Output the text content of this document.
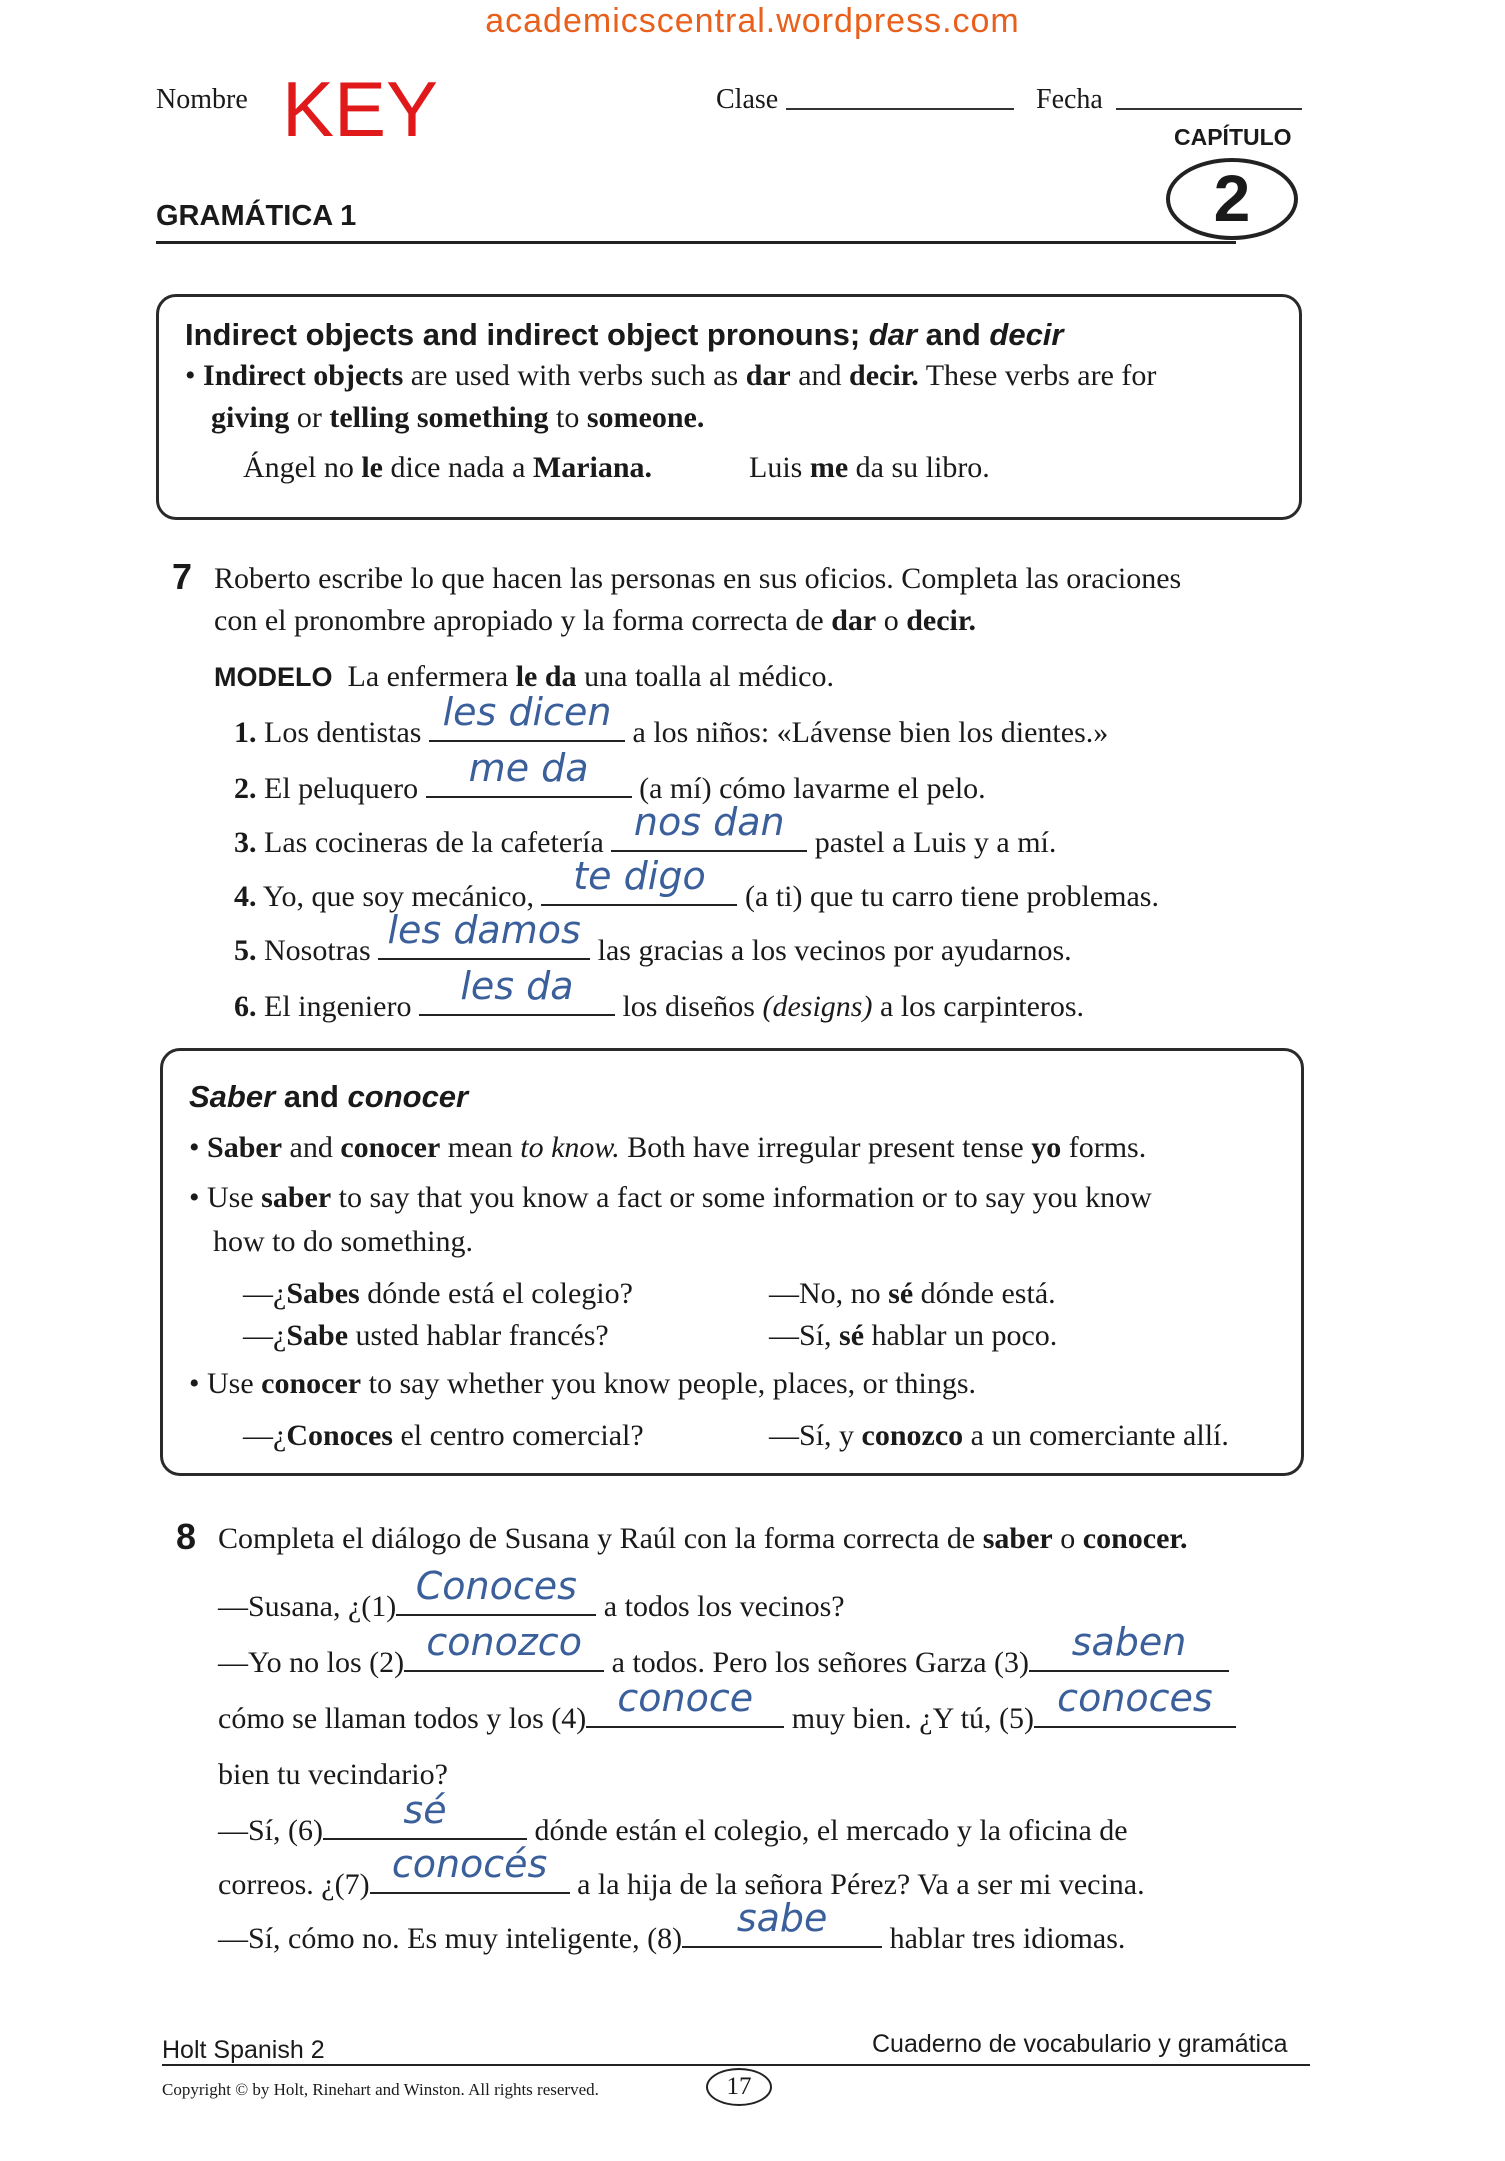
academicscentral.wordpress.com
Nombre KEY	Clase	Fecha
CAPÍTULO
2
GRAMÁTICA 1
Indirect objects and indirect object pronouns; dar and decir
• Indirect objects are used with verbs such as dar and decir. These verbs are for
giving or telling something to someone.
Ángel no le dice nada a Mariana.	Luis me da su libro.
7 Roberto escribe lo que hacen las personas en sus oficios. Completa las oraciones
con el pronombre apropiado y la forma correcta de dar o decir.
MODELO La enfermera le da una toalla al médico.
1. Los dentistas les dicen a los niños: «Lávense bien los dientes.»
2. El peluquero	me da	(a mí) cómo lavarme el pelo.
3. Las cocineras de la cafetería nos dan	pastel a Luis y a mí.
4. Yo, que soy mecánico,	te digo	(a ti) que tu carro tiene problemas.
5. Nosotras les damos las gracias a los vecinos por ayudarnos.
6. El ingeniero	les da	los diseños (designs) a los carpinteros.
Saber and conocer
• Saber and conocer mean to know. Both have irregular present tense yo forms.
• Use saber to say that you know a fact or some information or to say you know
how to do something.
—¿Sabes dónde está el colegio?	—No, no sé dónde está.
—¿Sabe usted hablar francés?	—Sí, sé hablar un poco.
• Use conocer to say whether you know people, places, or things.
—¿Conoces el centro comercial?	—Sí, y conozco a un comerciante allí.
8 Completa el diálogo de Susana y Raúl con la forma correcta de saber o conocer.
—Susana, ¿(1) Conoces a todos los vecinos?
—Yo no los (2) conozco a todos. Pero los señores Garza (3)	saben
cómo se llaman todos y los (4) conoce	muy bien. ¿Y tú, (5) conoces
bien tu vecindario?
—Sí, (6)	sé	dónde están el colegio, el mercado y la oficina de
correos. ¿(7) conocés a la hija de la señora Pérez? Va a ser mi vecina.
—Sí, cómo no. Es muy inteligente, (8)	sabe	hablar tres idiomas.
Holt Spanish 2	Cuaderno de vocabulario y gramática
Copyright © by Holt, Rinehart and Winston. All rights reserved.	17
